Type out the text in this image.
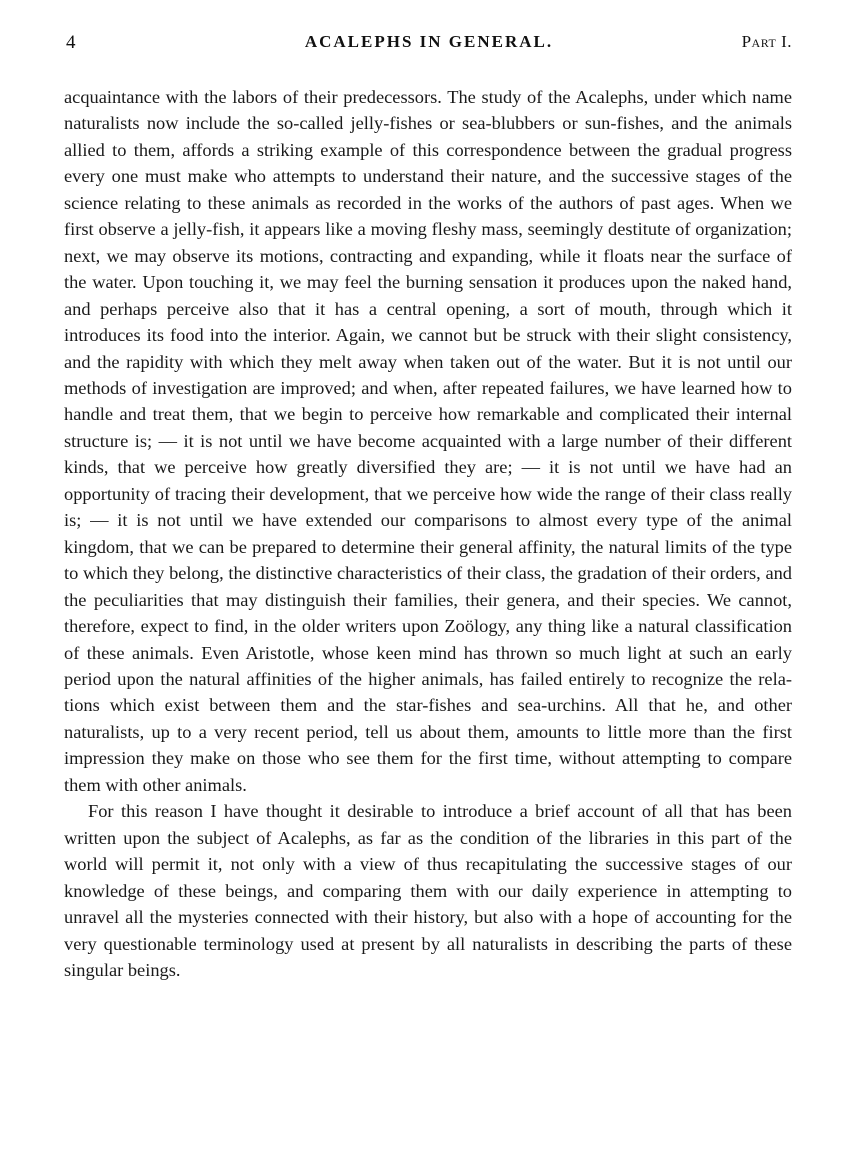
4	ACALEPHS IN GENERAL.	Part I.

acquaintance with the labors of their predecessors. The study of the Acalephs, under which name naturalists now include the so-called jelly-fishes or sea-blubbers or sun-fishes, and the animals allied to them, affords a striking example of this correspondence between the gradual progress every one must make who attempts to understand their nature, and the successive stages of the science relating to these animals as recorded in the works of the authors of past ages. When we first observe a jelly-fish, it appears like a moving fleshy mass, seemingly destitute of organization; next, we may observe its motions, contracting and expanding, while it floats near the surface of the water. Upon touching it, we may feel the burning sensation it produces upon the naked hand, and perhaps perceive also that it has a central opening, a sort of mouth, through which it introduces its food into the interior. Again, we cannot but be struck with their slight consistency, and the rapidity with which they melt away when taken out of the water. But it is not until our methods of investigation are improved; and when, after repeated failures, we have learned how to handle and treat them, that we begin to perceive how remarkable and complicated their internal structure is; — it is not until we have become acquainted with a large number of their different kinds, that we perceive how greatly diversified they are; — it is not until we have had an opportunity of tracing their development, that we perceive how wide the range of their class really is; — it is not until we have extended our comparisons to almost every type of the animal kingdom, that we can be prepared to determine their general affinity, the natural limits of the type to which they belong, the distinctive characteristics of their class, the gradation of their orders, and the peculiarities that may distinguish their families, their genera, and their species. We cannot, therefore, expect to find, in the older writers upon Zoölogy, any thing like a natural classification of these animals. Even Aristotle, whose keen mind has thrown so much light at such an early period upon the natural affinities of the higher animals, has failed entirely to recognize the relations which exist between them and the star-fishes and sea-urchins. All that he, and other naturalists, up to a very recent period, tell us about them, amounts to little more than the first impression they make on those who see them for the first time, without attempting to compare them with other animals.

For this reason I have thought it desirable to introduce a brief account of all that has been written upon the subject of Acalephs, as far as the condition of the libraries in this part of the world will permit it, not only with a view of thus recapitulating the successive stages of our knowledge of these beings, and comparing them with our daily experience in attempting to unravel all the mysteries connected with their history, but also with a hope of accounting for the very questionable terminology used at present by all naturalists in describing the parts of these singular beings.
